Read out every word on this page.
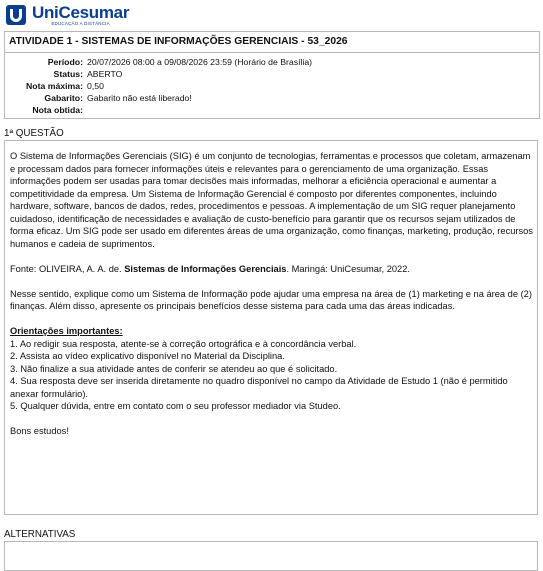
UniCesumar
EDUCAÇÃO A DISTÂNCIA
ATIVIDADE 1 - SISTEMAS DE INFORMAÇÕES GERENCIAIS - 53_2026
Período: 20/07/2026 08:00 a 09/08/2026 23:59 (Horário de Brasília)
Status: ABERTO
Nota máxima: 0,50
Gabarito: Gabarito não está liberado!
Nota obtida:
1ª QUESTÃO

O Sistema de Informações Gerenciais (SIG) é um conjunto de tecnologias, ferramentas e processos que coletam, armazenam e processam dados para fornecer informações úteis e relevantes para o gerenciamento de uma organização. Essas informações podem ser usadas para tomar decisões mais informadas, melhorar a eficiência operacional e aumentar a competitividade da empresa. Um Sistema de Informação Gerencial é composto por diferentes componentes, incluindo hardware, software, bancos de dados, redes, procedimentos e pessoas. A implementação de um SIG requer planejamento cuidadoso, identificação de necessidades e avaliação de custo-benefício para garantir que os recursos sejam utilizados de forma eficaz. Um SIG pode ser usado em diferentes áreas de uma organização, como finanças, marketing, produção, recursos humanos e cadeia de suprimentos.

Fonte: OLIVEIRA, A. A. de. Sistemas de Informações Gerenciais. Maringá: UniCesumar, 2022.

Nesse sentido, explique como um Sistema de Informação pode ajudar uma empresa na área de (1) marketing e na área de (2) finanças. Além disso, apresente os principais benefícios desse sistema para cada uma das áreas indicadas.

Orientações importantes:

1. Ao redigir sua resposta, atente-se à correção ortográfica e à concordância verbal.

2. Assista ao vídeo explicativo disponível no Material da Disciplina.

3. Não finalize a sua atividade antes de conferir se atendeu ao que é solicitado.

4. Sua resposta deve ser inserida diretamente no quadro disponível no campo da Atividade de Estudo 1 (não é permitido anexar formulário).

5. Qualquer dúvida, entre em contato com o seu professor mediador via Studeo.

Bons estudos!

ALTERNATIVAS
